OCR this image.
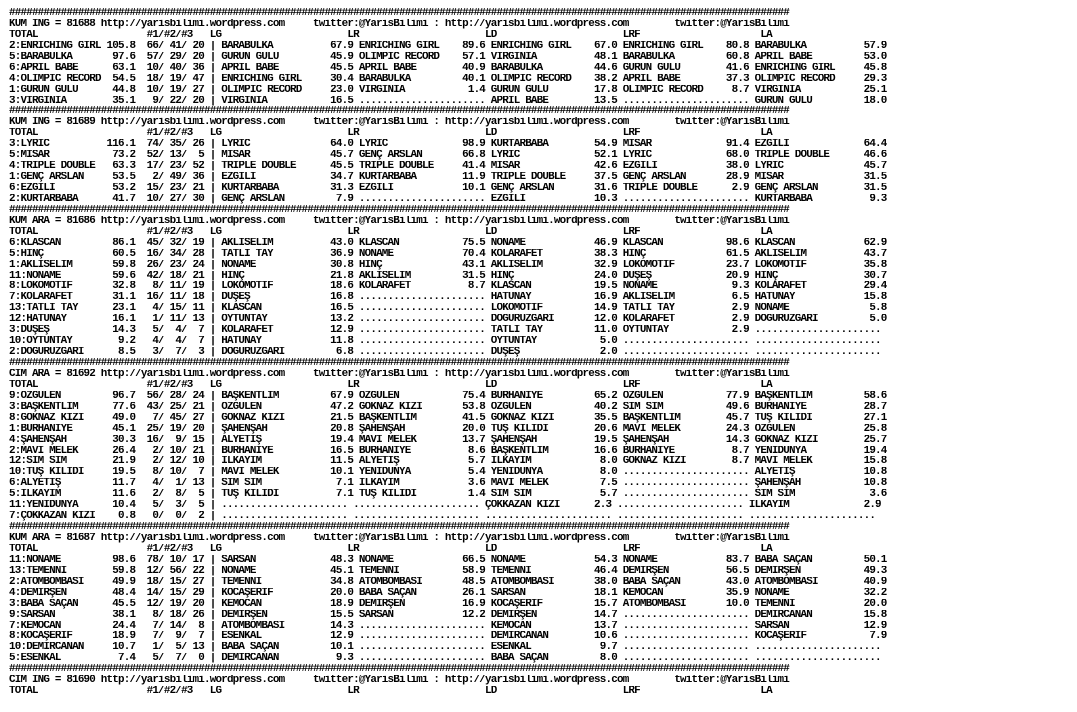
########################################################################################################################################
KUM ING = 81688 http://yarisbilimi.wordpress.com     twitter:@YarisBilimi : http://yarisbilimi.wordpress.com        twitter:@YarisBilimi
TOTAL                   #1/#2/#3   LG                      LR                      LD                      LRF                     LA
2:ENRICHING GIRL 105.8  66/ 41/ 20 | BARABULKA          67.9 ENRICHING GIRL    89.6 ENRICHING GIRL    67.0 ENRICHING GIRL    80.8 BARABULKA          57.9
5:BARABULKA       97.6  57/ 29/ 20 | GÜRÜN GÜLÜ         45.9 OLIMPIC RECORD    57.1 VIRGINIA          48.1 BARABULKA         60.8 APRIL BABE         53.0
6:APRIL BABE      63.1  10/ 40/ 36 | APRIL BABE         45.5 APRIL BABE        40.9 BARABULKA         44.6 GÜRÜN GÜLÜ        41.6 ENRICHING GIRL     45.8
4:OLIMPIC RECORD  54.5  18/ 19/ 47 | ENRICHING GIRL     30.4 BARABULKA         40.1 OLIMPIC RECORD    38.2 APRIL BABE        37.3 OLIMPIC RECORD     29.3
1:GÜRÜN GÜLÜ      44.8  10/ 19/ 27 | OLIMPIC RECORD     23.0 VIRGINIA           1.4 GÜRÜN GÜLÜ        17.8 OLIMPIC RECORD     8.7 VIRGINIA           25.1
3:VIRGINIA        35.1   9/ 22/ 20 | VIRGINIA           16.5 ...................... APRIL BABE        13.5 ...................... GÜRÜN GÜLÜ         18.0
########################################################################################################################################
KUM ING = 81689 http://yarisbilimi.wordpress.com     twitter:@YarisBilimi : http://yarisbilimi.wordpress.com        twitter:@YarisBilimi
TOTAL                   #1/#2/#3   LG                      LR                      LD                      LRF                     LA
3:LYRIC          116.1  74/ 35/ 26 | LYRIC              64.0 LYRIC             98.9 KURTARBABA        54.9 MISAR             91.4 EZGİLİ             64.4
5:MISAR           73.2  52/ 13/  5 | MISAR              45.7 GENÇ ARSLAN       66.8 LYRIC             52.1 LYRIC             68.0 TRIPLE DOUBLE      46.6
4:TRIPLE DOUBLE   63.3  17/ 23/ 52 | TRIPLE DOUBLE      45.5 TRIPLE DOUBLE     41.4 MISAR             42.6 EZGİLİ            38.0 LYRIC              45.7
1:GENÇ ARSLAN     53.5   2/ 49/ 36 | EZGİLİ             34.7 KURTARBABA        11.9 TRIPLE DOUBLE     37.5 GENÇ ARSLAN       28.9 MISAR              31.5
6:EZGİLİ          53.2  15/ 23/ 21 | KURTARBABA         31.3 EZGİLİ            10.1 GENÇ ARSLAN       31.6 TRIPLE DOUBLE      2.9 GENÇ ARSLAN        31.5
2:KURTARBABA      41.7  10/ 27/ 30 | GENÇ ARSLAN         7.9 ...................... EZGİLİ            10.3 ...................... KURTARBABA          9.3
########################################################################################################################################
KUM ARA = 81686 http://yarisbilimi.wordpress.com     twitter:@YarisBilimi : http://yarisbilimi.wordpress.com        twitter:@YarisBilimi
TOTAL                   #1/#2/#3   LG                      LR                      LD                      LRF                     LA
6:KLASCAN         86.1  45/ 32/ 19 | AKLISELİM          43.0 KLASCAN           75.5 NONAME            46.9 KLASCAN           98.6 KLASCAN            62.9
5:HINÇ            60.5  16/ 34/ 28 | TATLI TAY          36.9 NONAME            70.4 KOLARAFET         38.3 HINÇ              61.5 AKLISELİM          43.7
1:AKLISELİM       59.8  26/ 23/ 24 | NONAME             30.8 HINÇ              43.1 AKLISELİM         32.9 LOKOMOTİF         23.7 LOKOMOTİF          35.8
11:NONAME         59.6  42/ 18/ 21 | HINÇ               21.8 AKLISELİM         31.5 HINÇ              24.0 DÜŞEŞ             20.9 HINÇ               30.7
8:LOKOMOTİF       32.8   8/ 11/ 19 | LOKOMOTİF          18.6 KOLARAFET          8.7 KLASCAN           19.5 NONAME             9.3 KOLARAFET          29.4
7:KOLARAFET       31.1  16/ 11/ 18 | DÜŞEŞ              16.8 ...................... HATUNAY           16.9 AKLISELİM          6.5 HATUNAY            15.8
13:TATLI TAY      23.1   4/ 15/ 11 | KLASCAN            16.5 ...................... LOKOMOTİF         14.9 TATLI TAY          2.9 NONAME              5.8
12:HATUNAY        16.1   1/ 11/ 13 | OYTUNTAY           13.2 ...................... DOĞURÜZGARI       12.0 KOLARAFET          2.9 DOĞURÜZGARI         5.0
3:DÜŞEŞ           14.3   5/  4/  7 | KOLARAFET          12.9 ...................... TATLI TAY         11.0 OYTUNTAY           2.9 ......................
10:OYTUNTAY        9.2   4/  4/  7 | HATUNAY            11.8 ...................... OYTUNTAY           5.0 ...................... ......................
2:DOĞURÜZGARI      8.5   3/  7/  3 | DOĞURÜZGARI         6.8 ...................... DÜŞEŞ              2.0 ...................... ......................
########################################################################################################################################
CIM ARA = 81692 http://yarisbilimi.wordpress.com     twitter:@YarisBilimi : http://yarisbilimi.wordpress.com        twitter:@YarisBilimi
TOTAL                   #1/#2/#3   LG                      LR                      LD                      LRF                     LA
9:ÖZGÜLEN         96.7  56/ 28/ 24 | BAŞKENTLİM         67.9 ÖZGÜLEN           75.4 BURHANİYE         65.2 ÖZGÜLEN           77.9 BAŞKENTLİM         58.6
3:BAŞKENTLİM      77.6  43/ 25/ 21 | ÖZGÜLEN            47.2 GÖKNAZ KIZI       53.8 ÖZGÜLEN           40.2 SIM SIM           49.6 BURHANİYE          28.7
8:GÖKNAZ KIZI     49.0   7/ 45/ 27 | GÖKNAZ KIZI        21.5 BAŞKENTLİM        41.5 GÖKNAZ KIZI       35.5 BAŞKENTLİM        45.7 TUŞ KİLİDİ         27.1
1:BURHANİYE       45.1  25/ 19/ 20 | ŞAHENŞAH           20.8 ŞAHENŞAH          20.0 TUŞ KİLİDİ        20.6 MAVİ MELEK        24.3 ÖZGÜLEN            25.8
4:ŞAHENŞAH        30.3  16/  9/ 15 | ALYETİŞ            19.4 MAVİ MELEK        13.7 ŞAHENŞAH          19.5 ŞAHENŞAH          14.3 GÖKNAZ KIZI        25.7
2:MAVİ MELEK      26.4   2/ 10/ 21 | BURHANİYE          16.5 BURHANİYE          8.6 BAŞKENTLİM        16.6 BURHANİYE          8.7 YENİDÜNYA          19.4
12:SIM SIM        21.9   2/ 12/ 10 | İLKAYIM            11.5 ALYETİŞ            5.7 İLKAYIM            8.0 GÖKNAZ KIZI        8.7 MAVİ MELEK         15.8
10:TUŞ KİLİDİ     19.5   8/ 10/  7 | MAVİ MELEK         10.1 YENİDÜNYA          5.4 YENİDÜNYA          8.0 ...................... ALYETİŞ            10.8
6:ALYETİŞ         11.7   4/  1/ 13 | SIM SIM             7.1 İLKAYIM            3.6 MAVİ MELEK         7.5 ...................... ŞAHENŞAH           10.8
5:İLKAYIM         11.6   2/  8/  5 | TUŞ KİLİDİ          7.1 TUŞ KİLİDİ         1.4 SIM SIM            5.7 ...................... SIM SIM             3.6
11:YENİDÜNYA      10.4   5/  3/  5 | ...................... ...................... ÇOKKAZAN KIZI      2.3 ...................... İLKAYIM             2.9
7:ÇOKKAZAN KIZI    0.8   0/  0/  2 | ...................... ...................... ...................... ...................... ......................
########################################################################################################################################
KUM ARA = 81687 http://yarisbilimi.wordpress.com     twitter:@YarisBilimi : http://yarisbilimi.wordpress.com        twitter:@YarisBilimi
TOTAL                   #1/#2/#3   LG                      LR                      LD                      LRF                     LA
11:NONAME         98.6  78/ 10/ 17 | SARSAN             48.3 NONAME            66.5 NONAME            54.3 NONAME            83.7 BABA SAÇAN         50.1
13:TEMENNİ        59.8  12/ 56/ 22 | NONAME             45.1 TEMENNİ           58.9 TEMENNİ           46.4 DEMİRŞEN          56.5 DEMİRŞEN           49.3
2:ATOMBOMBASI     49.9  18/ 15/ 27 | TEMENNİ            34.8 ATOMBOMBASI       48.5 ATOMBOMBASI       38.0 BABA SAÇAN        43.0 ATOMBOMBASI        40.9
4:DEMİRŞEN        48.4  14/ 15/ 29 | KOCAŞERİF          20.0 BABA SAÇAN        26.1 SARSAN            18.1 KEMOCAN           35.9 NONAME             32.2
3:BABA SAÇAN      45.5  12/ 19/ 20 | KEMOCAN            18.9 DEMİRŞEN          16.9 KOCAŞERİF         15.7 ATOMBOMBASI       10.0 TEMENNİ            20.0
9:SARSAN          38.1   8/ 18/ 26 | DEMİRŞEN           15.5 SARSAN            12.2 DEMİRŞEN          14.7 ...................... DEMİRCANAN         15.8
7:KEMOCAN         24.4   7/ 14/  8 | ATOMBOMBASI        14.3 ...................... KEMOCAN           13.7 ...................... SARSAN             12.9
8:KOCAŞERİF       18.9   7/  9/  7 | ESENKAL            12.9 ...................... DEMİRCANAN        10.6 ...................... KOCAŞERİF           7.9
10:DEMİRCANAN     10.7   1/  5/ 13 | BABA SAÇAN         10.1 ...................... ESENKAL            9.7 ...................... ......................
5:ESENKAL          7.4   5/  7/  0 | DEMİRCANAN          9.3 ...................... BABA SAÇAN         8.0 ...................... ......................
########################################################################################################################################
CIM ING = 81690 http://yarisbilimi.wordpress.com     twitter:@YarisBilimi : http://yarisbilimi.wordpress.com        twitter:@YarisBilimi
TOTAL                   #1/#2/#3   LG                      LR                      LD                      LRF                     LA
